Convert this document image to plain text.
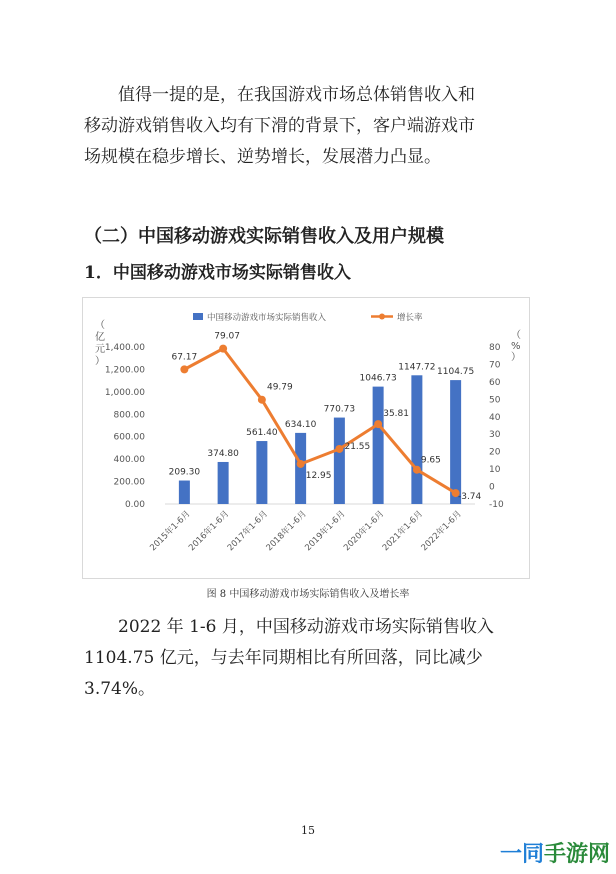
值得一提的是，在我国游戏市场总体销售收入和
移动游戏销售收入均有下滑的背景下，客户端游戏市
场规模在稳步增长、逆势增长，发展潜力凸显。

（二）中国移动游戏实际销售收入及用户规模
1．中国移动游戏市场实际销售收入
中国移动游戏市场实际销售收入	增长率
（亿元）
（%）
0.00
200.00
400.00
600.00
800.00
1,000.00
1,200.00
1,400.00
-10
0
10
20
30
40
50
60
70
80
209.30
374.80
561.40
634.10
770.73
1046.73
1147.72 1104.75
67.17
79.07
49.79
12.95
21.55
35.81
9.65
-3.74
2015年1-6月
2016年1-6月
2017年1-6月
2018年1-6月
2019年1-6月
2020年1-6月
2021年1-6月
2022年1-6月

图 8 中国移动游戏市场实际销售收入及增长率

2022 年 1-6 月，中国移动游戏市场实际销售收入
1104.75 亿元，与去年同期相比有所回落，同比减少
3.74%。

15
一同手游网
